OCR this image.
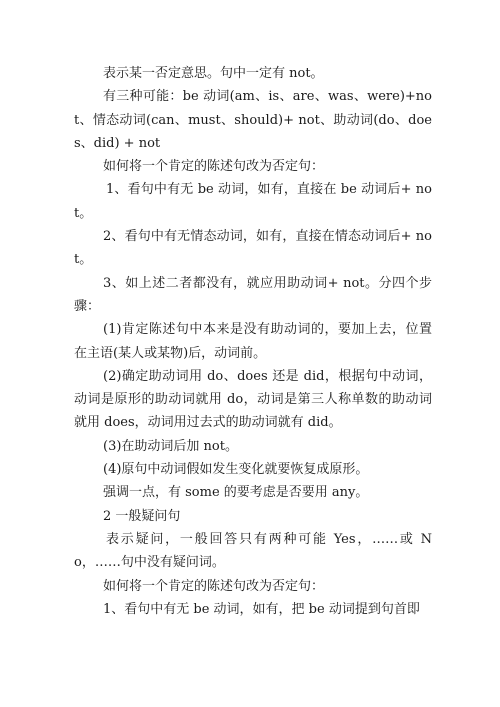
表示某一否定意思。句中一定有 not。

有三种可能：be 动词(am、is、are、was、were)+not、情态动词(can、must、should)+ not、助动词(do、does、did) + not

如何将一个肯定的陈述句改为否定句：

1、看句中有无 be 动词，如有，直接在 be 动词后+ not。

2、看句中有无情态动词，如有，直接在情态动词后+ not。

3、如上述二者都没有，就应用助动词+ not。分四个步骤：

(1)肯定陈述句中本来是没有助动词的，要加上去，位置在主语(某人或某物)后，动词前。

(2)确定助动词用 do、does 还是 did，根据句中动词，动词是原形的助动词就用 do，动词是第三人称单数的助动词就用 does，动词用过去式的助动词就有 did。

(3)在助动词后加 not。

(4)原句中动词假如发生变化就要恢复成原形。

强调一点，有 some 的要考虑是否要用 any。

2 一般疑问句

表示疑问，一般回答只有两种可能 Yes，……或 No，……句中没有疑问词。

如何将一个肯定的陈述句改为否定句：

1、看句中有无 be 动词，如有，把 be 动词提到句首即
